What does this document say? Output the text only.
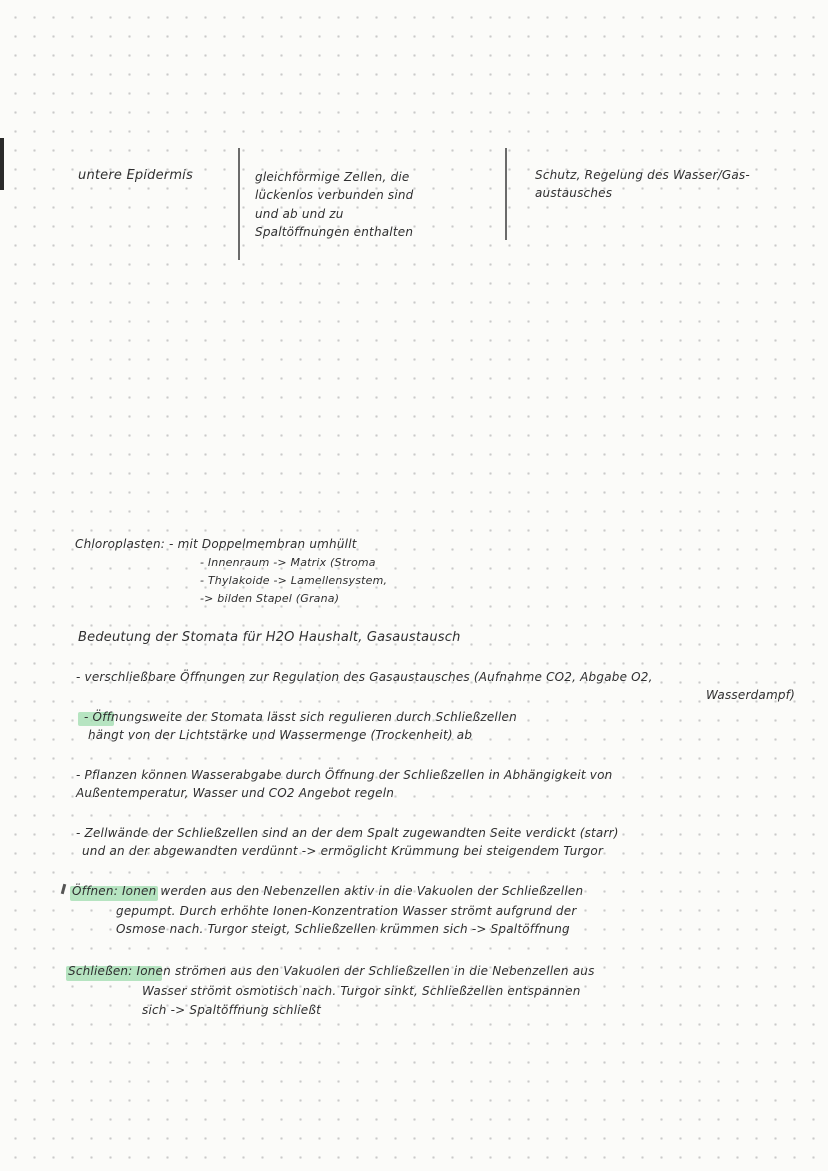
untere Epidermis	gleichförmige Zellen, die
lückenlos verbunden sind
und ab und zu
Spaltöffnungen enthalten
Schutz, Regelung des Wasser/Gas-
austausches
Chloroplasten: - mit Doppelmembran umhüllt
- Innenraum -> Matrix (Stroma
- Thylakoide -> Lamellensystem,
-> bilden Stapel (Grana)
Bedeutung der Stomata für H2O Haushalt, Gasaustausch
- verschließbare Öffnungen zur Regulation des Gasaustausches (Aufnahme CO2, Abgabe O2,
Wasserdampf)
- Öffnungsweite der Stomata lässt sich regulieren durch Schließzellen
hängt von der Lichtstärke und Wassermenge (Trockenheit) ab
- Pflanzen können Wasserabgabe durch Öffnung der Schließzellen in Abhängigkeit von
Außentemperatur, Wasser und CO2 Angebot regeln
- Zellwände der Schließzellen sind an der dem Spalt zugewandten Seite verdickt (starr)
und an der abgewandten verdünnt -> ermöglicht Krümmung bei steigendem Turgor
Öffnen: Ionen werden aus den Nebenzellen aktiv in die Vakuolen der Schließzellen
gepumpt. Durch erhöhte Ionen-Konzentration Wasser strömt aufgrund der
Osmose nach. Turgor steigt, Schließzellen krümmen sich -> Spaltöffnung
Schließen: Ionen strömen aus den Vakuolen der Schließzellen in die Nebenzellen aus
Wasser strömt osmotisch nach. Turgor sinkt, Schließzellen entspannen
sich -> Spaltöffnung schließt
